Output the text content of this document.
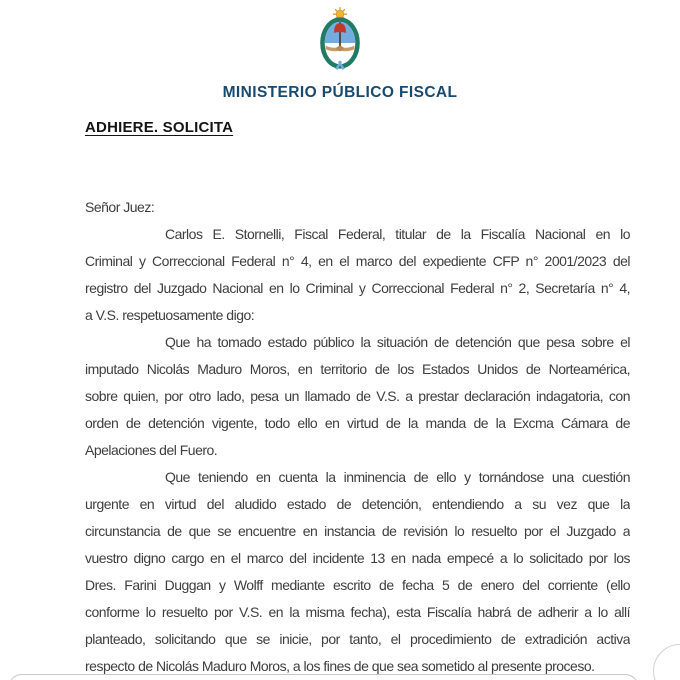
MINISTERIO PÚBLICO FISCAL
ADHIERE. SOLICITA
Señor Juez:
Carlos E. Stornelli, Fiscal Federal, titular de la Fiscalía Nacional en lo
Criminal y Correccional Federal n° 4, en el marco del expediente CFP n° 2001/2023 del
registro del Juzgado Nacional en lo Criminal y Correccional Federal n° 2, Secretaría n° 4,
a V.S. respetuosamente digo:
Que ha tomado estado público la situación de detención que pesa sobre el
imputado Nicolás Maduro Moros, en territorio de los Estados Unidos de Norteamérica,
sobre quien, por otro lado, pesa un llamado de V.S. a prestar declaración indagatoria, con
orden de detención vigente, todo ello en virtud de la manda de la Excma Cámara de
Apelaciones del Fuero.
Que teniendo en cuenta la inminencia de ello y tornándose una cuestión
urgente en virtud del aludido estado de detención, entendiendo a su vez que la
circunstancia de que se encuentre en instancia de revisión lo resuelto por el Juzgado a
vuestro digno cargo en el marco del incidente 13 en nada empecé a lo solicitado por los
Dres. Farini Duggan y Wolff mediante escrito de fecha 5 de enero del corriente (ello
conforme lo resuelto por V.S. en la misma fecha), esta Fiscalía habrá de adherir a lo allí
planteado, solicitando que se inicie, por tanto, el procedimiento de extradición activa
respecto de Nicolás Maduro Moros, a los fines de que sea sometido al presente proceso.
